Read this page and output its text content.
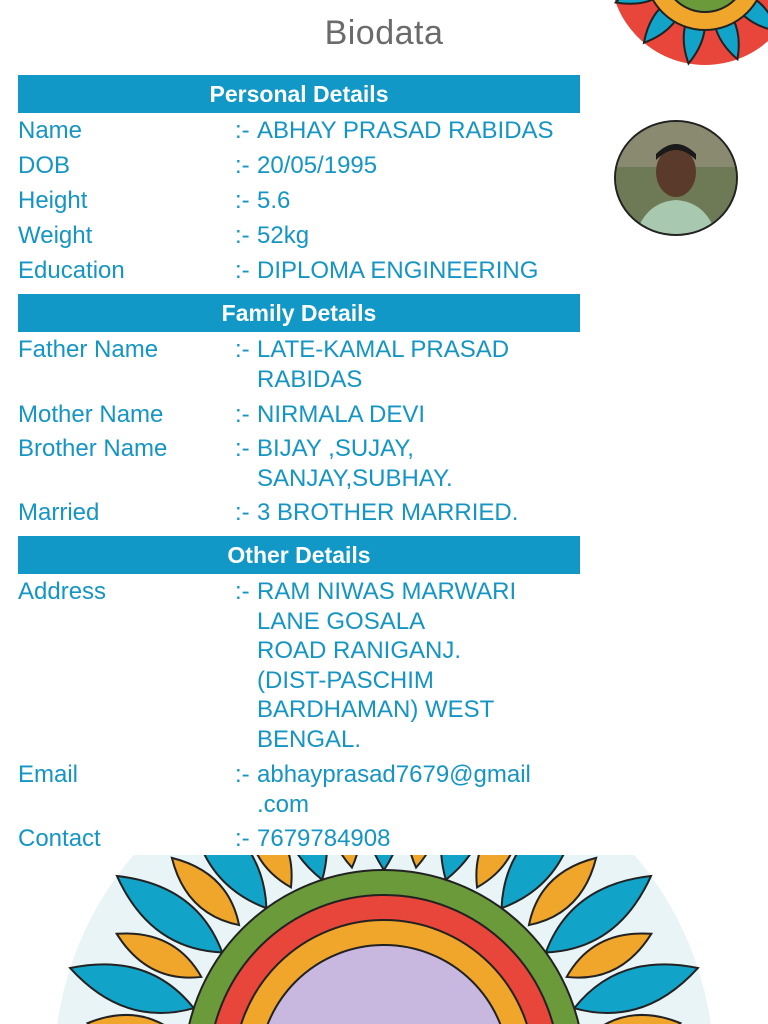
Biodata
Personal Details
Name	:- ABHAY PRASAD RABIDAS
DOB	:- 20/05/1995
Height	:- 5.6
Weight	:- 52kg
Education	:- DIPLOMA ENGINEERING
Family Details
Father Name	:- LATE-KAMAL PRASAD
RABIDAS
Mother Name	:- NIRMALA DEVI
Brother Name	:- BIJAY ,SUJAY,
SANJAY,SUBHAY.
Married	:- 3 BROTHER MARRIED.
Other Details
Address	:- RAM NIWAS MARWARI
LANE GOSALA
ROAD RANIGANJ.
(DIST-PASCHIM
BARDHAMAN) WEST
BENGAL.
Email	:- abhayprasad7679@gmail
.com
Contact	:- 7679784908
